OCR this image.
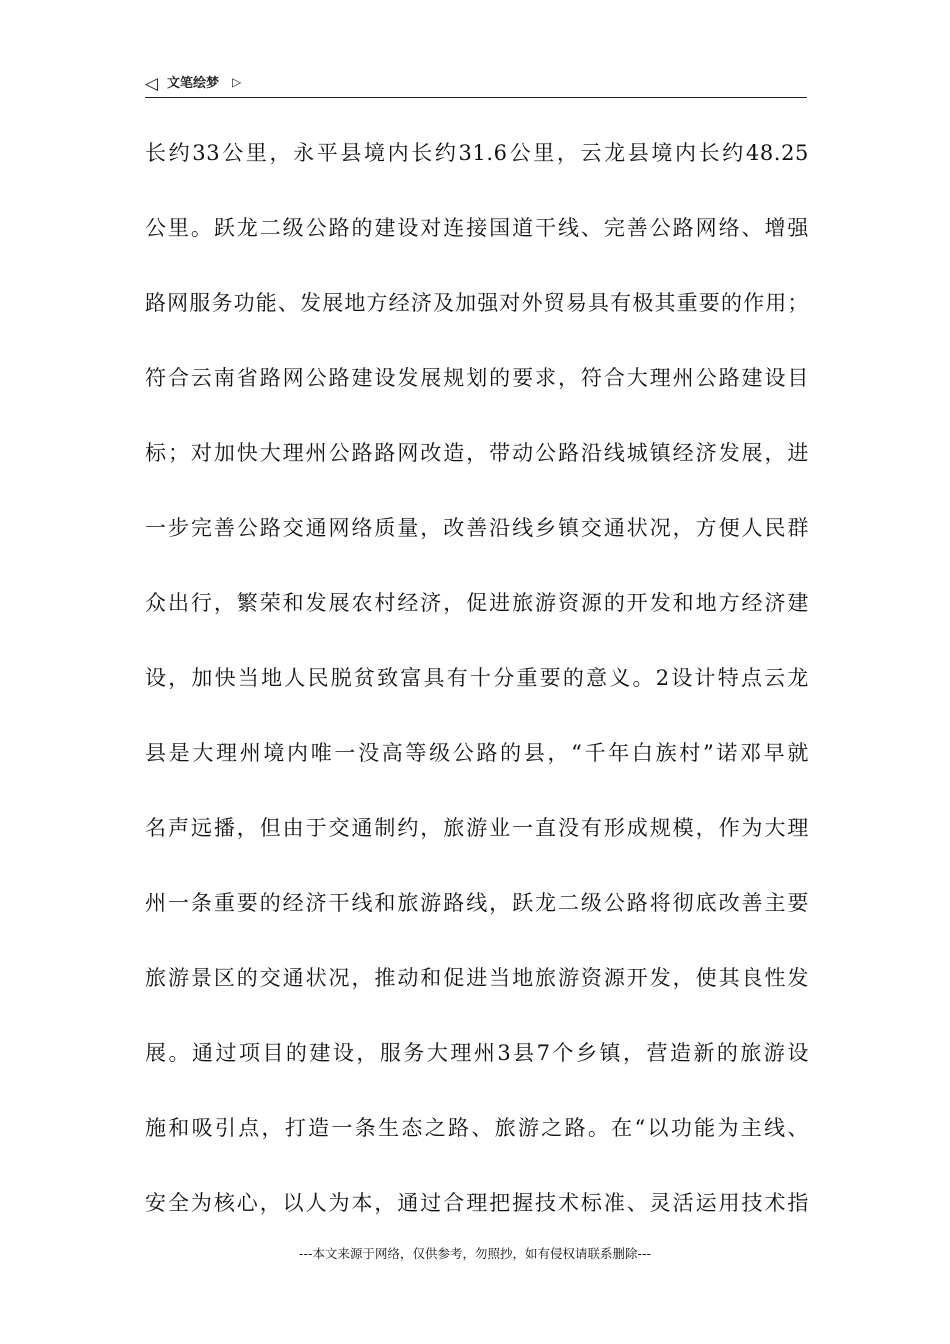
◁ 文笔绘梦 ▷
长约33公里，永平县境内长约31.6公里，云龙县境内长约48.25
公里。跃龙二级公路的建设对连接国道干线、完善公路网络、增强
路网服务功能、发展地方经济及加强对外贸易具有极其重要的作用；
符合云南省路网公路建设发展规划的要求，符合大理州公路建设目
标；对加快大理州公路路网改造，带动公路沿线城镇经济发展，进
一步完善公路交通网络质量，改善沿线乡镇交通状况，方便人民群
众出行，繁荣和发展农村经济，促进旅游资源的开发和地方经济建
设，加快当地人民脱贫致富具有十分重要的意义。2设计特点云龙
县是大理州境内唯一没高等级公路的县，“千年白族村”诺邓早就
名声远播，但由于交通制约，旅游业一直没有形成规模，作为大理
州一条重要的经济干线和旅游路线，跃龙二级公路将彻底改善主要
旅游景区的交通状况，推动和促进当地旅游资源开发，使其良性发
展。通过项目的建设，服务大理州3县7个乡镇，营造新的旅游设
施和吸引点，打造一条生态之路、旅游之路。在“以功能为主线、
安全为核心，以人为本，通过合理把握技术标准、灵活运用技术指
---本文来源于网络，仅供参考，勿照抄，如有侵权请联系删除---
